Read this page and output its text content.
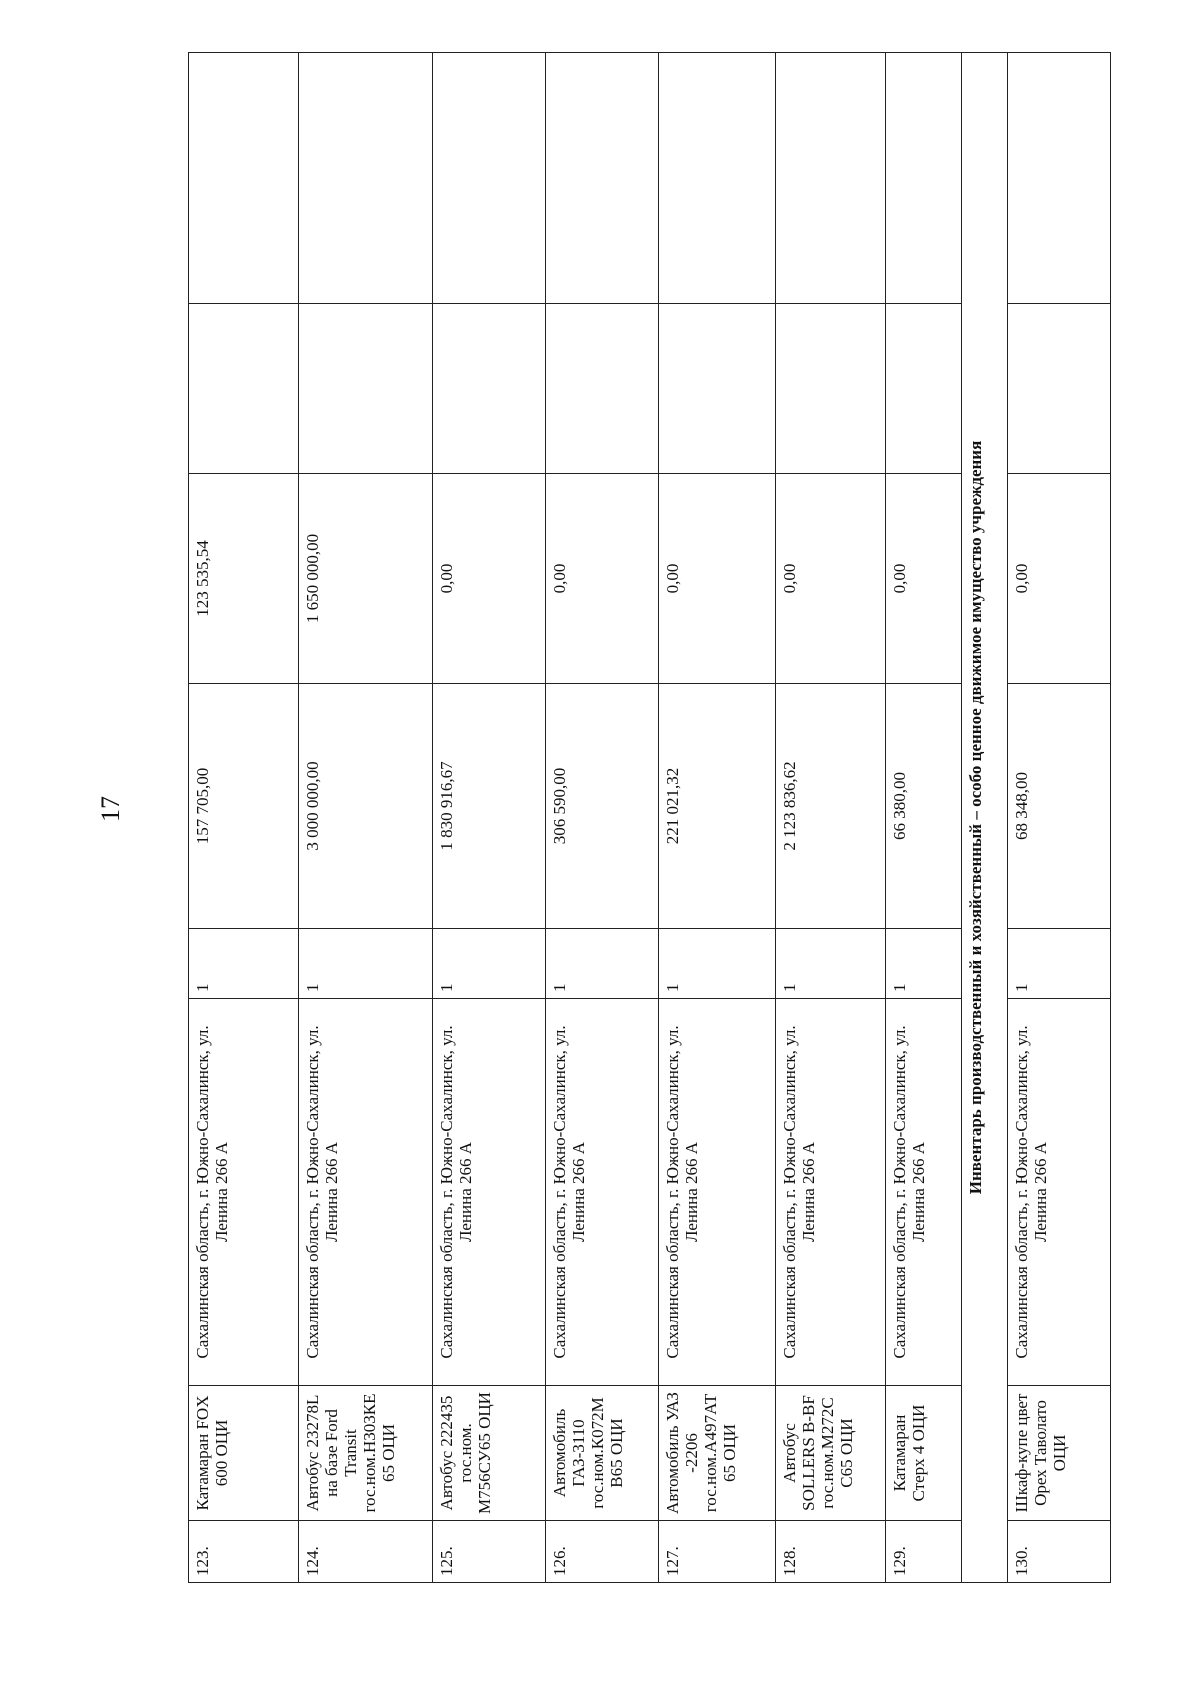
17
123.	Катамаран FOX 600 ОЦИ	Сахалинская область, г. Южно-Сахалинск, ул. Ленина 266 А	1	157 705,00	123 535,54		
124.	Автобус 23278L на базе Ford Transit гос.ном.Н303КЕ 65 ОЦИ	Сахалинская область, г. Южно-Сахалинск, ул. Ленина 266 А	1	3 000 000,00	1 650 000,00		
125.	Автобус 222435 гос.ном. М756СУ65 ОЦИ	Сахалинская область, г. Южно-Сахалинск, ул. Ленина 266 А	1	1 830 916,67	0,00		
126.	Автомобиль ГАЗ-3110 гос.ном.К072М В65 ОЦИ	Сахалинская область, г. Южно-Сахалинск, ул. Ленина 266 А	1	306 590,00	0,00		
127.	Автомобиль УАЗ -2206 гос.ном.А497АТ 65 ОЦИ	Сахалинская область, г. Южно-Сахалинск, ул. Ленина 266 А	1	221 021,32	0,00		
128.	Автобус SOLLERS B-BF гос.ном.М272С С65 ОЦИ	Сахалинская область, г. Южно-Сахалинск, ул. Ленина 266 А	1	2 123 836,62	0,00		
129.	Катамаран Стерх 4 ОЦИ	Сахалинская область, г. Южно-Сахалинск, ул. Ленина 266 А	1	66 380,00	0,00		
Инвентарь производственный и хозяйственный – особо ценное движимое имущество учреждения							
130.	Шкаф-купе цвет Орех Таволато ОЦИ	Сахалинская область, г. Южно-Сахалинск, ул. Ленина 266 А	1	68 348,00	0,00		
